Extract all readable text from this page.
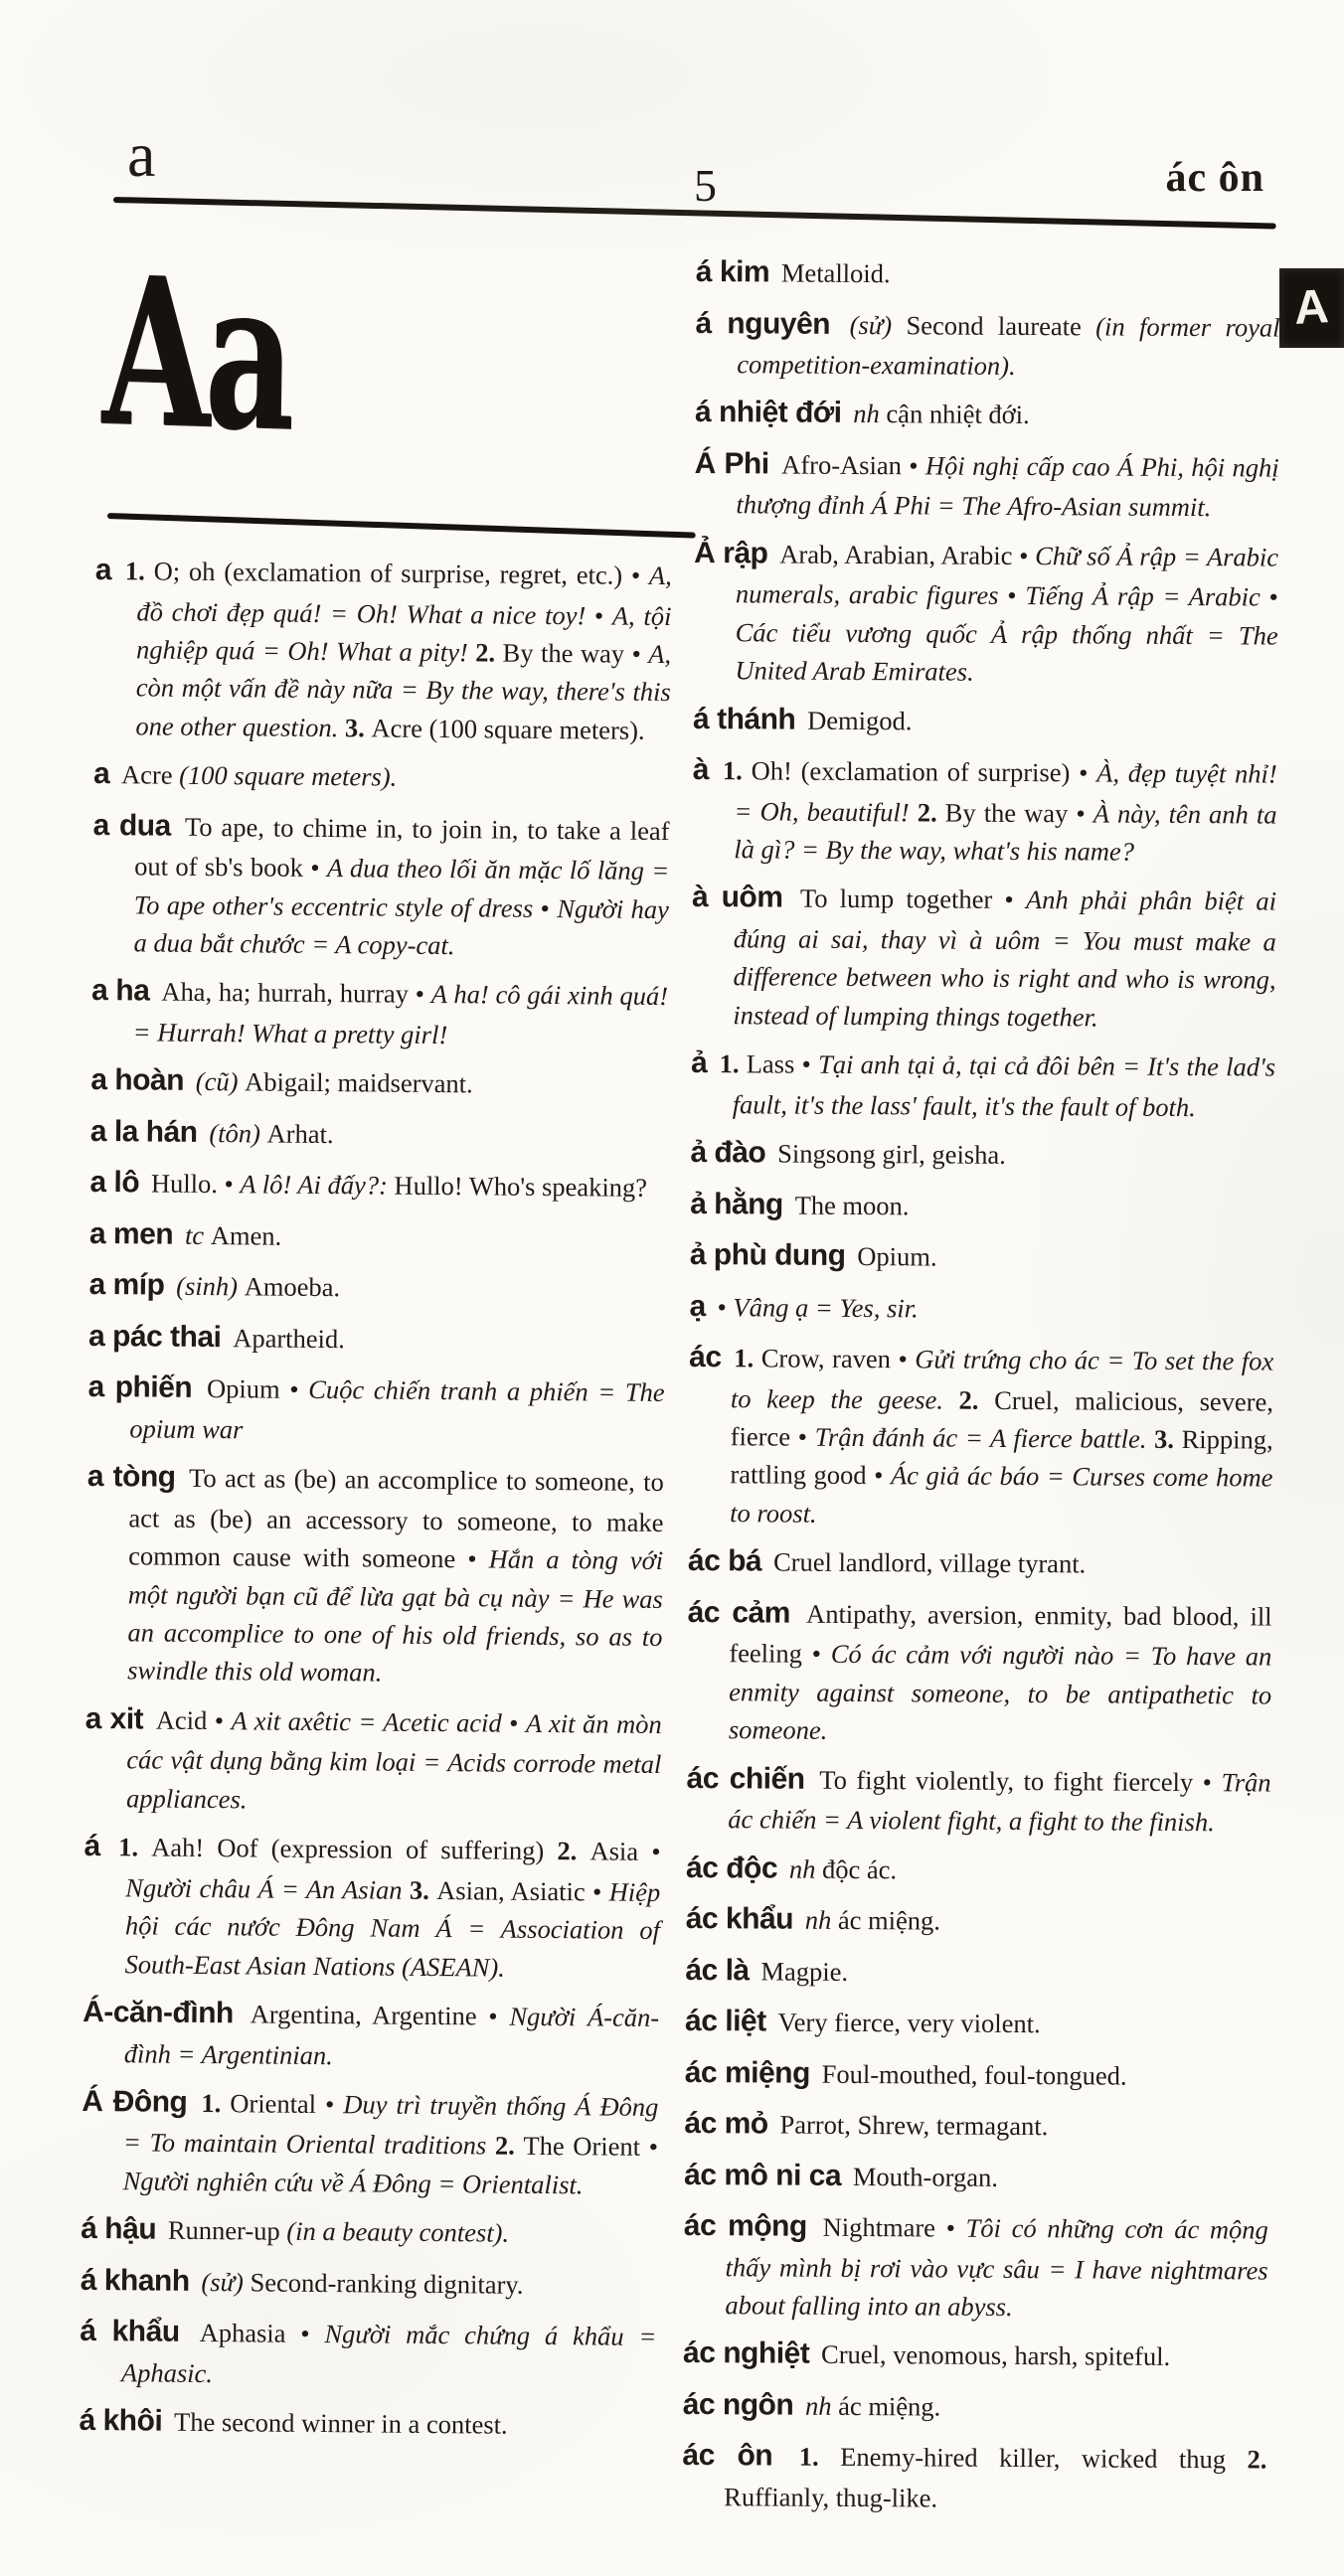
a	5	ác ôn
A
Aa
a 1. O; oh (exclamation of surprise, regret, etc.) • A, đồ chơi đẹp quá! = Oh! What a nice toy! • A, tội nghiệp quá = Oh! What a pity! 2. By the way • A, còn một vấn đề này nữa = By the way, there's this one other question. 3. Acre (100 square meters).
a Acre (100 square meters).
a dua To ape, to chime in, to join in, to take a leaf out of sb's book • A dua theo lối ăn mặc lố lăng = To ape other's eccentric style of dress • Người hay a dua bắt chước = A copy-cat.
a ha Aha, ha; hurrah, hurray • A ha! cô gái xinh quá! = Hurrah! What a pretty girl!
a hoàn (cũ) Abigail; maidservant.
a la hán (tôn) Arhat.
a lô Hullo. • A lô! Ai đấy?: Hullo! Who's speaking?
a men tc Amen.
a míp (sinh) Amoeba.
a pác thai Apartheid.
a phiến Opium • Cuộc chiến tranh a phiến = The opium war
a tòng To act as (be) an accomplice to someone, to act as (be) an accessory to someone, to make common cause with someone • Hắn a tòng với một người bạn cũ để lừa gạt bà cụ này = He was an accomplice to one of his old friends, so as to swindle this old woman.
a xit Acid • A xit axêtic = Acetic acid • A xit ăn mòn các vật dụng bằng kim loại = Acids corrode metal appliances.
á 1. Aah! Oof (expression of suffering) 2. Asia • Người châu Á = An Asian 3. Asian, Asiatic • Hiệp hội các nước Đông Nam Á = Association of South-East Asian Nations (ASEAN).
Á-căn-đình Argentina, Argentine • Người Á-căn-đình = Argentinian.
Á Đông 1. Oriental • Duy trì truyền thống Á Đông = To maintain Oriental traditions 2. The Orient • Người nghiên cứu về Á Đông = Orientalist.
á hậu Runner-up (in a beauty contest).
á khanh (sử) Second-ranking dignitary.
á khẩu Aphasia • Người mắc chứng á khẩu = Aphasic.
á khôi The second winner in a contest.
á kim Metalloid.
á nguyên (sử) Second laureate (in former royal competition-examination).
á nhiệt đới nh cận nhiệt đới.
Á Phi Afro-Asian • Hội nghị cấp cao Á Phi, hội nghị thượng đỉnh Á Phi = The Afro-Asian summit.
Ả rập Arab, Arabian, Arabic • Chữ số Ả rập = Arabic numerals, arabic figures • Tiếng Ả rập = Arabic • Các tiểu vương quốc Ả rập thống nhất = The United Arab Emirates.
á thánh Demigod.
à 1. Oh! (exclamation of surprise) • À, đẹp tuyệt nhỉ! = Oh, beautiful! 2. By the way • À này, tên anh ta là gì? = By the way, what's his name?
à uôm To lump together • Anh phải phân biệt ai đúng ai sai, thay vì à uôm = You must make a difference between who is right and who is wrong, instead of lumping things together.
ả 1. Lass • Tại anh tại ả, tại cả đôi bên = It's the lad's fault, it's the lass' fault, it's the fault of both.
ả đào Singsong girl, geisha.
ả hằng The moon.
ả phù dung Opium.
ạ • Vâng ạ = Yes, sir.
ác 1. Crow, raven • Gửi trứng cho ác = To set the fox to keep the geese. 2. Cruel, malicious, severe, fierce • Trận đánh ác = A fierce battle. 3. Ripping, rattling good • Ác giả ác báo = Curses come home to roost.
ác bá Cruel landlord, village tyrant.
ác cảm Antipathy, aversion, enmity, bad blood, ill feeling • Có ác cảm với người nào = To have an enmity against someone, to be antipathetic to someone.
ác chiến To fight violently, to fight fiercely • Trận ác chiến = A violent fight, a fight to the finish.
ác độc nh độc ác.
ác khẩu nh ác miệng.
ác là Magpie.
ác liệt Very fierce, very violent.
ác miệng Foul-mouthed, foul-tongued.
ác mỏ Parrot, Shrew, termagant.
ác mô ni ca Mouth-organ.
ác mộng Nightmare • Tôi có những cơn ác mộng thấy mình bị rơi vào vực sâu = I have nightmares about falling into an abyss.
ác nghiệt Cruel, venomous, harsh, spiteful.
ác ngôn nh ác miệng.
ác ôn 1. Enemy-hired killer, wicked thug 2. Ruffianly, thug-like.
